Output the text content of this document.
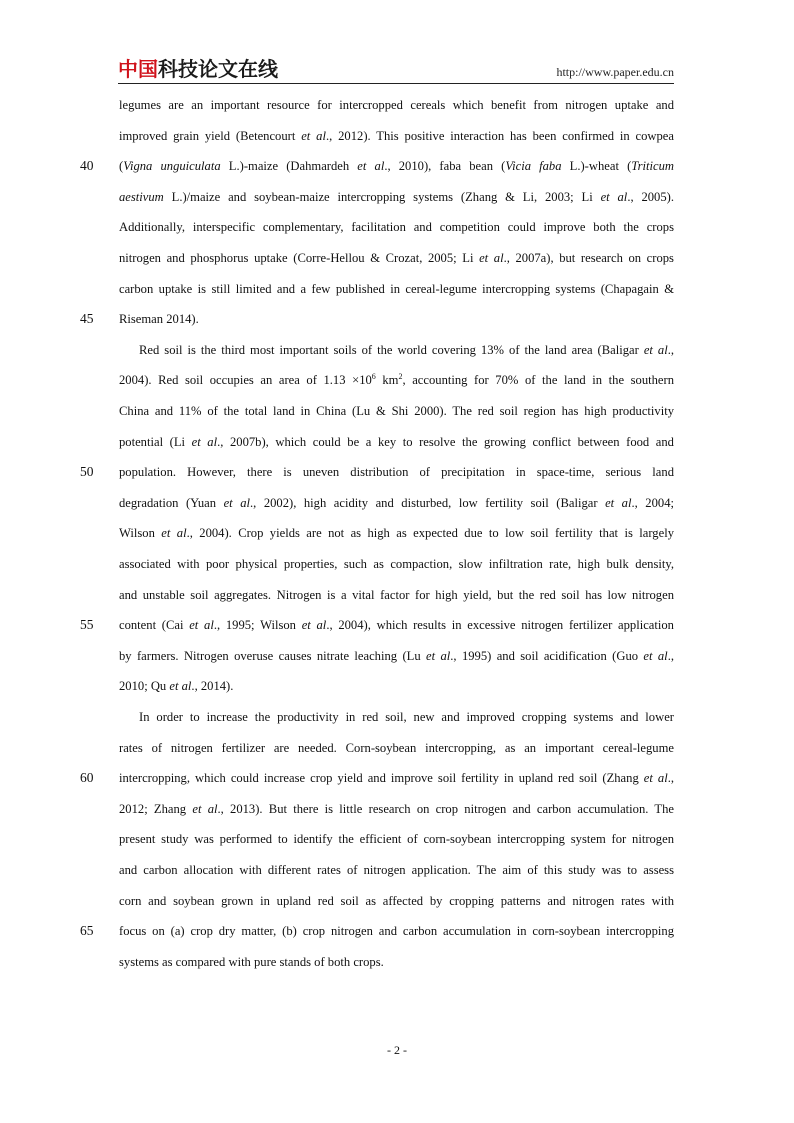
中国科技论文在线	http://www.paper.edu.cn
legumes are an important resource for intercropped cereals which benefit from nitrogen uptake and
improved grain yield (Betencourt et al., 2012). This positive interaction has been confirmed in cowpea
(Vigna unguiculata L.)-maize (Dahmardeh et al., 2010), faba bean (Vicia faba L.)-wheat (Triticum
aestivum L.)/maize and soybean-maize intercropping systems (Zhang & Li, 2003; Li et al., 2005).
Additionally, interspecific complementary, facilitation and competition could improve both the crops
nitrogen and phosphorus uptake (Corre-Hellou & Crozat, 2005; Li et al., 2007a), but research on crops
carbon uptake is still limited and a few published in cereal-legume intercropping systems (Chapagain &
Riseman 2014).
Red soil is the third most important soils of the world covering 13% of the land area (Baligar et al.,
2004). Red soil occupies an area of $1.13 \times 10^6$ $km^2$, accounting for 70% of the land in the southern
China and 11% of the total land in China (Lu & Shi 2000). The red soil region has high productivity
potential (Li et al., 2007b), which could be a key to resolve the growing conflict between food and
population. However, there is uneven distribution of precipitation in space-time, serious land
degradation (Yuan et al., 2002), high acidity and disturbed, low fertility soil (Baligar et al., 2004;
Wilson et al., 2004). Crop yields are not as high as expected due to low soil fertility that is largely
associated with poor physical properties, such as compaction, slow infiltration rate, high bulk density,
and unstable soil aggregates. Nitrogen is a vital factor for high yield, but the red soil has low nitrogen
content (Cai et al., 1995; Wilson et al., 2004), which results in excessive nitrogen fertilizer application
by farmers. Nitrogen overuse causes nitrate leaching (Lu et al., 1995) and soil acidification (Guo et al.,
2010; Qu et al., 2014).
In order to increase the productivity in red soil, new and improved cropping systems and lower
rates of nitrogen fertilizer are needed. Corn-soybean intercropping, as an important cereal-legume
intercropping, which could increase crop yield and improve soil fertility in upland red soil (Zhang et al.,
2012; Zhang et al., 2013). But there is little research on crop nitrogen and carbon accumulation. The
present study was performed to identify the efficient of corn-soybean intercropping system for nitrogen
and carbon allocation with different rates of nitrogen application. The aim of this study was to assess
corn and soybean grown in upland red soil as affected by cropping patterns and nitrogen rates with
focus on (a) crop dry matter, (b) crop nitrogen and carbon accumulation in corn-soybean intercropping
systems as compared with pure stands of both crops.
40
45
50
55
60
65
- 2 -
